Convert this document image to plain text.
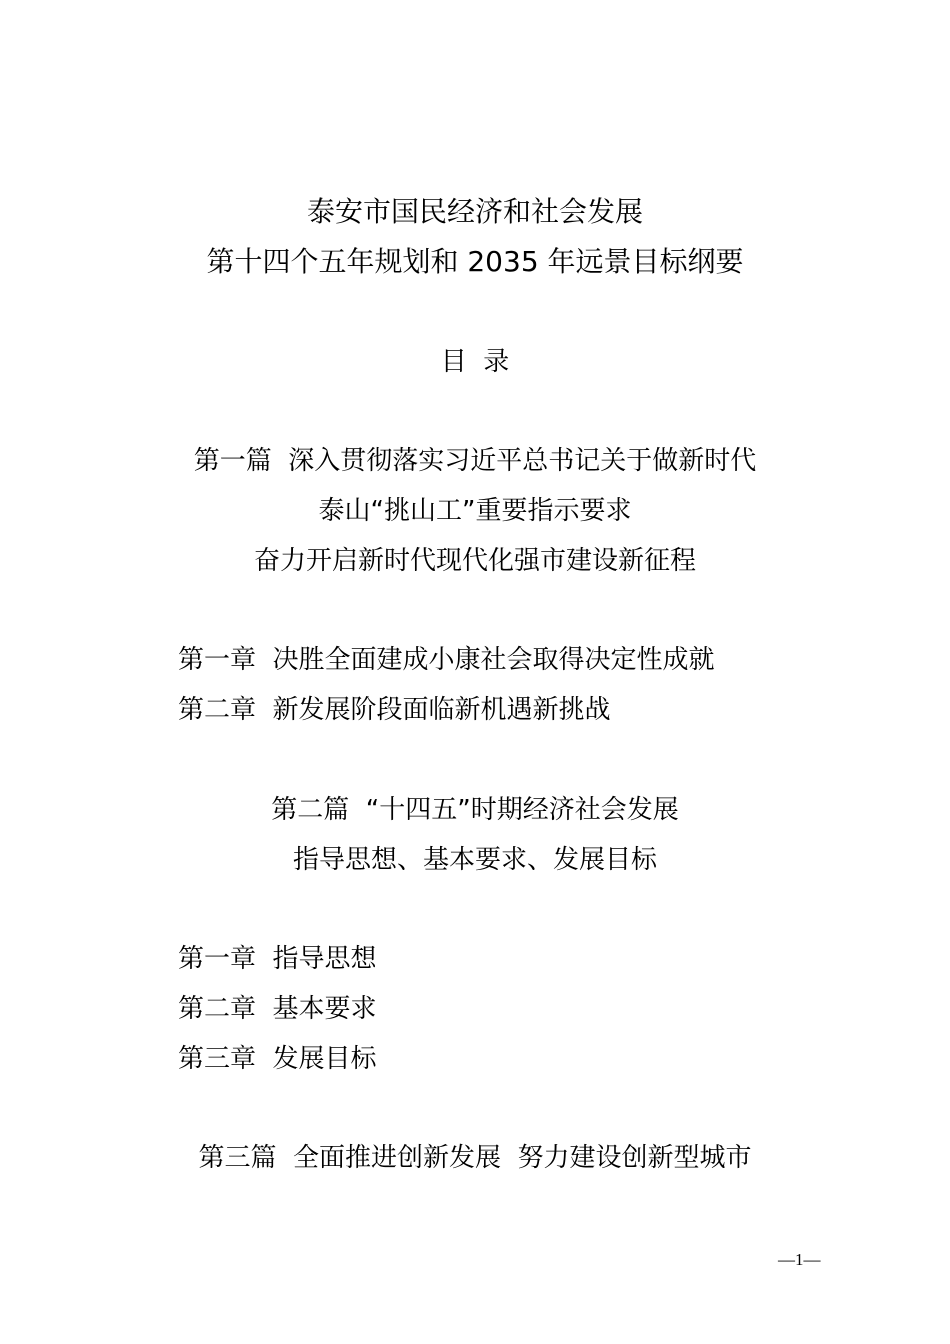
泰安市国民经济和社会发展
第十四个五年规划和 2035 年远景目标纲要
目  录
第一篇  深入贯彻落实习近平总书记关于做新时代
泰山“挑山工”重要指示要求
奋力开启新时代现代化强市建设新征程
第一章  决胜全面建成小康社会取得决定性成就
第二章  新发展阶段面临新机遇新挑战
第二篇  “十四五”时期经济社会发展
指导思想、基本要求、发展目标
第一章  指导思想
第二章  基本要求
第三章  发展目标
第三篇  全面推进创新发展  努力建设创新型城市
—1—
